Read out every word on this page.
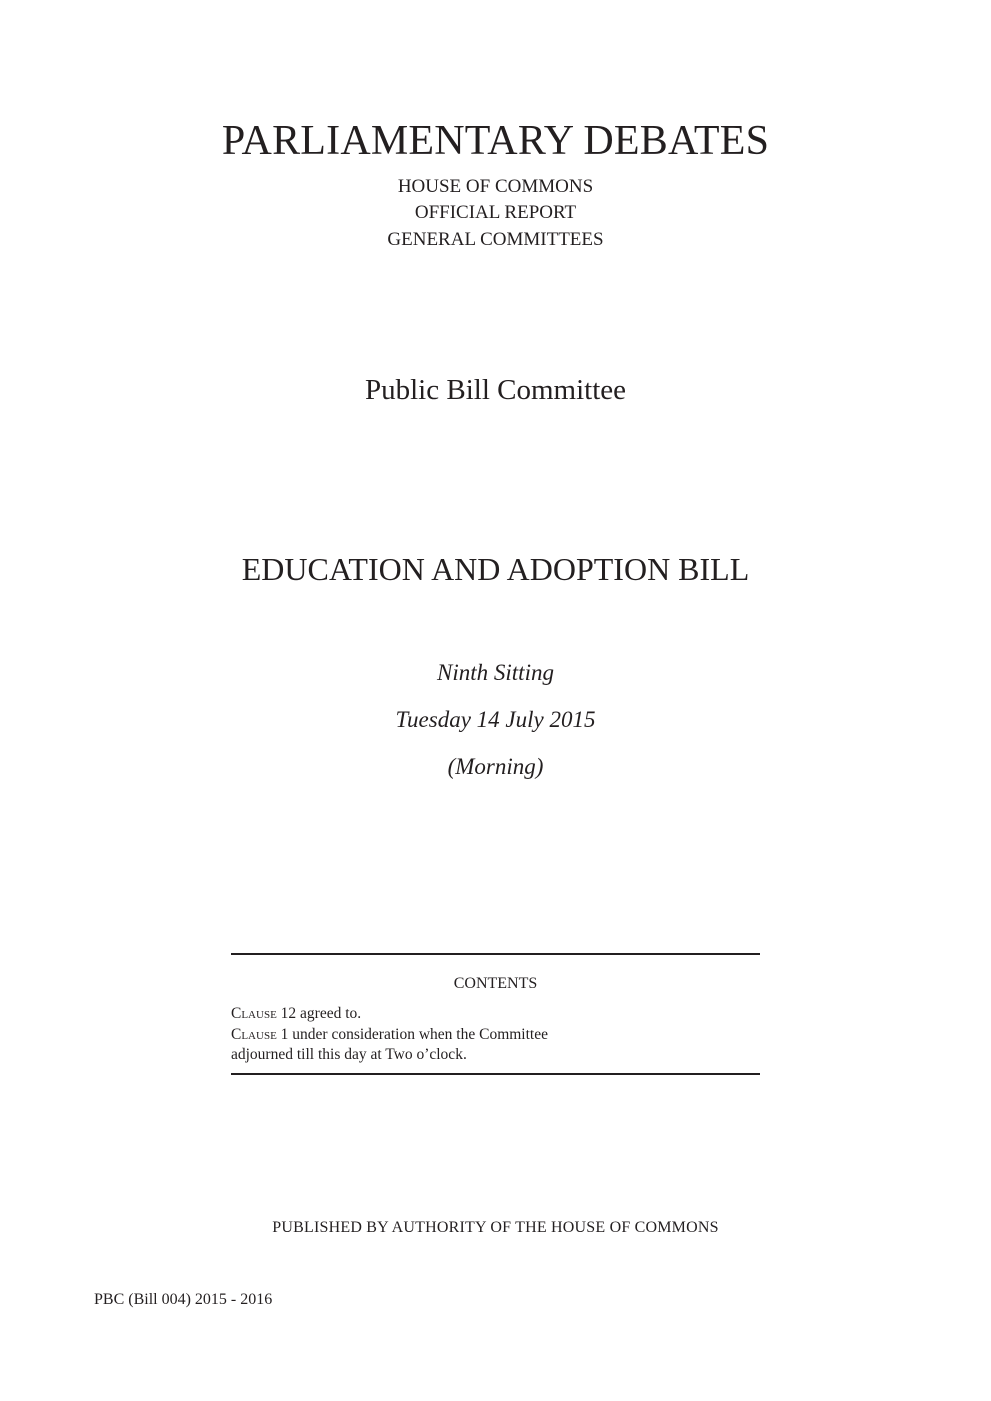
PARLIAMENTARY DEBATES
HOUSE OF COMMONS
OFFICIAL REPORT
GENERAL COMMITTEES
Public Bill Committee
EDUCATION AND ADOPTION BILL
Ninth Sitting
Tuesday 14 July 2015
(Morning)
CONTENTS
Clause 12 agreed to.
Clause 1 under consideration when the Committee
adjourned till this day at Two o’clock.
PUBLISHED BY AUTHORITY OF THE HOUSE OF COMMONS
PBC (Bill 004) 2015 - 2016
